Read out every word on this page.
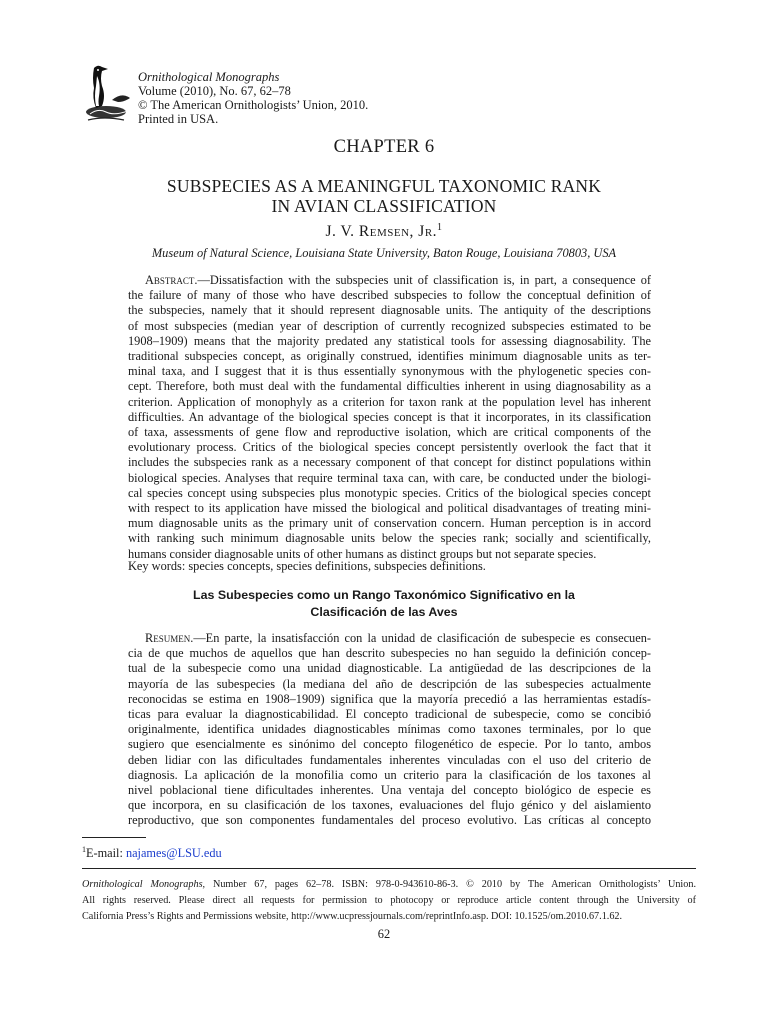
Ornithological Monographs
Volume (2010), No. 67, 62–78
© The American Ornithologists’ Union, 2010.
Printed in USA.
CHAPTER 6
SUBSPECIES AS A MEANINGFUL TAXONOMIC RANK
IN AVIAN CLASSIFICATION
J. V. Remsen, Jr.$^1$
Museum of Natural Science, Louisiana State University, Baton Rouge, Louisiana 70803, USA
Abstract.—Dissatisfaction with the subspecies unit of classification is, in part, a consequence of
the failure of many of those who have described subspecies to follow the conceptual definition of
the subspecies, namely that it should represent diagnosable units. The antiquity of the descriptions
of most subspecies (median year of description of currently recognized subspecies estimated to be
1908–1909) means that the majority predated any statistical tools for assessing diagnosability. The
traditional subspecies concept, as originally construed, identifies minimum diagnosable units as ter-
minal taxa, and I suggest that it is thus essentially synonymous with the phylogenetic species con-
cept. Therefore, both must deal with the fundamental difficulties inherent in using diagnosability as a
criterion. Application of monophyly as a criterion for taxon rank at the population level has inherent
difficulties. An advantage of the biological species concept is that it incorporates, in its classification
of taxa, assessments of gene flow and reproductive isolation, which are critical components of the
evolutionary process. Critics of the biological species concept persistently overlook the fact that it
includes the subspecies rank as a necessary component of that concept for distinct populations within
biological species. Analyses that require terminal taxa can, with care, be conducted under the biologi-
cal species concept using subspecies plus monotypic species. Critics of the biological species concept
with respect to its application have missed the biological and political disadvantages of treating mini-
mum diagnosable units as the primary unit of conservation concern. Human perception is in accord
with ranking such minimum diagnosable units below the species rank; socially and scientifically,
humans consider diagnosable units of other humans as distinct groups but not separate species.
Key words: species concepts, species definitions, subspecies definitions.
Las Subespecies como un Rango Taxonómico Significativo en la
Clasificación de las Aves
Resumen.—En parte, la insatisfacción con la unidad de clasificación de subespecie es consecuen-
cia de que muchos de aquellos que han descrito subespecies no han seguido la definición concep-
tual de la subespecie como una unidad diagnosticable. La antigüedad de las descripciones de la
mayoría de las subespecies (la mediana del año de descripción de las subespecies actualmente
reconocidas se estima en 1908–1909) significa que la mayoría precedió a las herramientas estadís-
ticas para evaluar la diagnosticabilidad. El concepto tradicional de subespecie, como se concibió
originalmente, identifica unidades diagnosticables mínimas como taxones terminales, por lo que
sugiero que esencialmente es sinónimo del concepto filogenético de especie. Por lo tanto, ambos
deben lidiar con las dificultades fundamentales inherentes vinculadas con el uso del criterio de
diagnosis. La aplicación de la monofilia como un criterio para la clasificación de los taxones al
nivel poblacional tiene dificultades inherentes. Una ventaja del concepto biológico de especie es
que incorpora, en su clasificación de los taxones, evaluaciones del flujo génico y del aislamiento
reproductivo, que son componentes fundamentales del proceso evolutivo. Las críticas al concepto
$^1$E-mail: najames@LSU.edu
Ornithological Monographs, Number 67, pages 62–78. ISBN: 978-0-943610-86-3. © 2010 by The American Ornithologists’ Union.
All rights reserved. Please direct all requests for permission to photocopy or reproduce article content through the University of
California Press’s Rights and Permissions website, http://www.ucpressjournals.com/reprintInfo.asp. DOI: 10.1525/om.2010.67.1.62.
62
